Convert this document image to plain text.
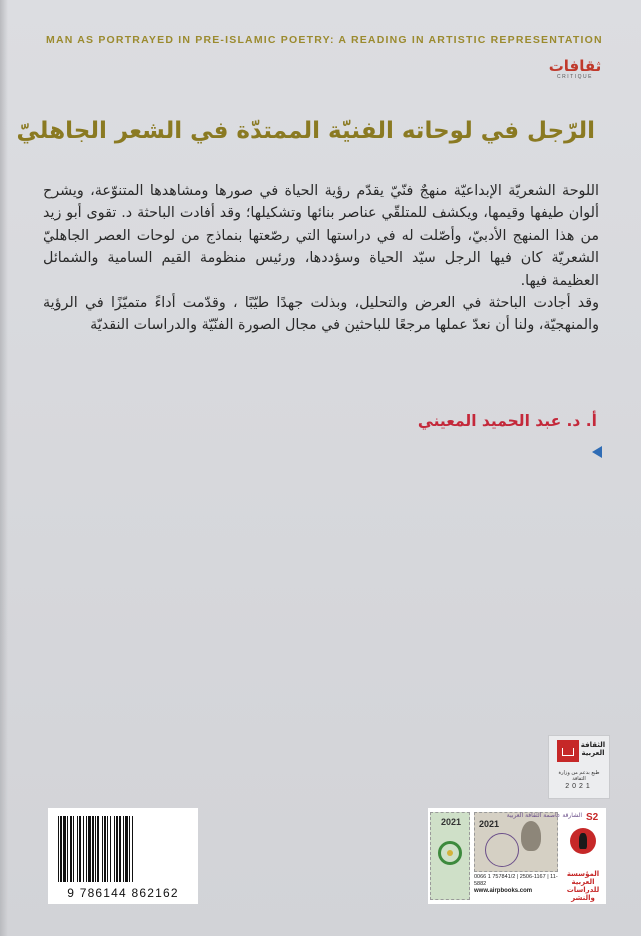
MAN AS PORTRAYED IN PRE-ISLAMIC POETRY: A READING IN ARTISTIC REPRESENTATION
ثقافات
CRITIQUE
الرّجل في لوحاته الفنيّة الممتدّة في الشعر الجاهليّ

اللوحة الشعريّة الإبداعيّة منهجٌ فنّيّ يقدّم رؤية الحياة في صورها ومشاهدها المتنوّعة، ويشرح ألوان طيفها وقيمها، ويكشف للمتلقّي عناصر بنائها وتشكيلها؛ وقد أفادت الباحثة د. تقوى أبو زيد من هذا المنهج الأدبيّ، وأصّلت له في دراستها التي رصّعتها بنماذج من لوحات العصر الجاهليّ الشعريّة كان فيها الرجل سيّد الحياة وسؤددها، ورئيس منظومة القيم السامية والشمائل العظيمة فيها.

وقد أجادت الباحثة في العرض والتحليل، وبذلت جهدًا طيّبًا ، وقدّمت أداءً متميّزًا في الرؤية والمنهجيّة، ولنا أن نعدّ عملها مرجعًا للباحثين في مجال الصورة الفنّيّة والدراسات النقديّة

أ. د. عبد الحميد المعيني
الثقافة العربية
طبع بدعم من وزارة الثقافة
2021
9 786144 862162
2021	2021
الشارقة عاصمة الثقافة العربية S2
0066 1 757841/2 | 2506-1167 | 11-5882
www.airpbooks.com
المؤسسة العربية للدراسات والنشر
